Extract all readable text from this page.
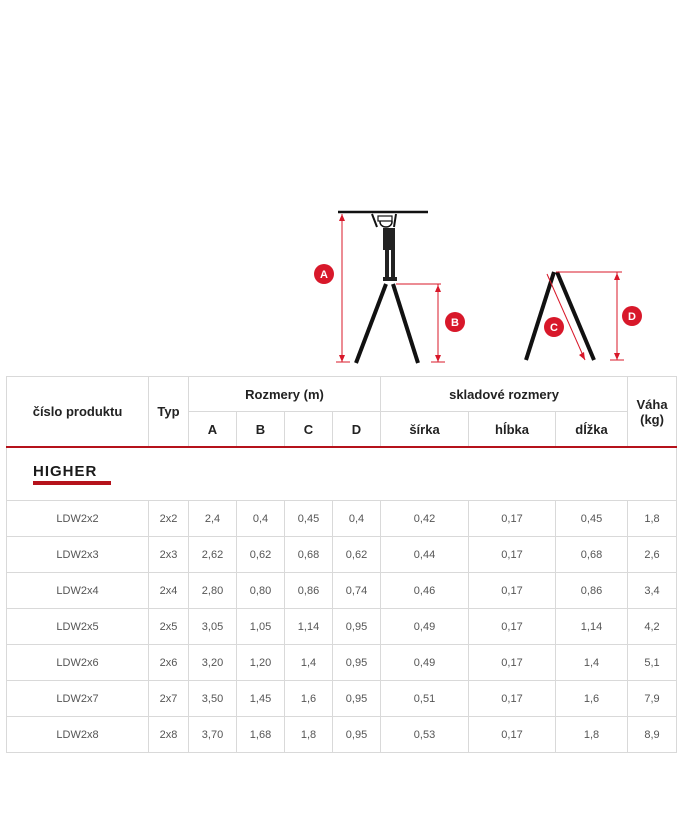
A
B	C
D
číslo produktu	Typ	Rozmery (m)				skladové rozmery			Váha (kg)
		A	B	C	D	šírka	hĺbka	dĺžka	

HIGHER									

LDW2x2	2x2	2,4	0,4	0,45	0,4	0,42	0,17	0,45	1,8
LDW2x3	2x3	2,62	0,62	0,68	0,62	0,44	0,17	0,68	2,6
LDW2x4	2x4	2,80	0,80	0,86	0,74	0,46	0,17	0,86	3,4
LDW2x5	2x5	3,05	1,05	1,14	0,95	0,49	0,17	1,14	4,2
LDW2x6	2x6	3,20	1,20	1,4	0,95	0,49	0,17	1,4	5,1
LDW2x7	2x7	3,50	1,45	1,6	0,95	0,51	0,17	1,6	7,9
LDW2x8	2x8	3,70	1,68	1,8	0,95	0,53	0,17	1,8	8,9
